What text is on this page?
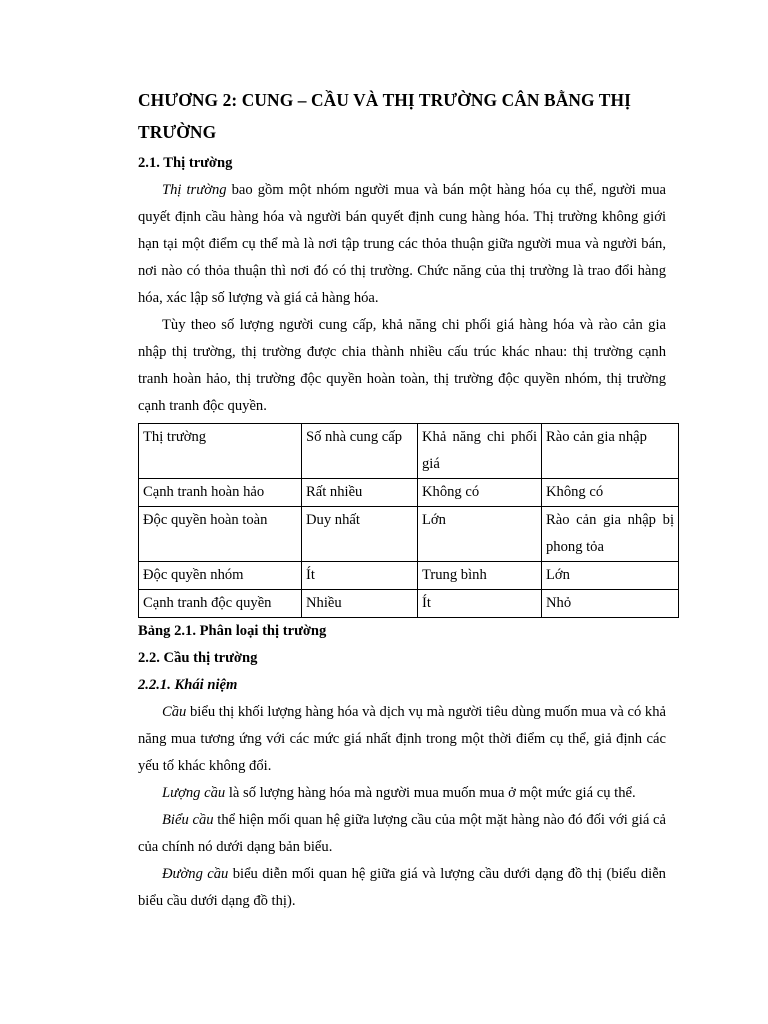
CHƯƠNG 2: CUNG – CẦU VÀ THỊ TRƯỜNG CÂN BẰNG THỊ TRƯỜNG
2.1. Thị trường

Thị trường bao gồm một nhóm người mua và bán một hàng hóa cụ thể, người mua quyết định cầu hàng hóa và người bán quyết định cung hàng hóa. Thị trường không giới hạn tại một điểm cụ thể mà là nơi tập trung các thỏa thuận giữa người mua và người bán, nơi nào có thỏa thuận thì nơi đó có thị trường. Chức năng của thị trường là trao đổi hàng hóa, xác lập số lượng và giá cả hàng hóa.

Tùy theo số lượng người cung cấp, khả năng chi phối giá hàng hóa và rào cản gia nhập thị trường, thị trường được chia thành nhiều cấu trúc khác nhau: thị trường cạnh tranh hoàn hảo, thị trường độc quyền hoàn toàn, thị trường độc quyền nhóm, thị trường cạnh tranh độc quyền.

Thị trường	Số nhà cung cấp	Khả năng chi phối giá	Rào cản gia nhập
Cạnh tranh hoàn hảo	Rất nhiều	Không có	Không có
Độc quyền hoàn toàn	Duy nhất	Lớn	Rào cản gia nhập bị phong tỏa
Độc quyền nhóm	Ít	Trung bình	Lớn
Cạnh tranh độc quyền	Nhiều	Ít	Nhỏ
Bảng 2.1. Phân loại thị trường
2.2. Cầu thị trường
2.2.1. Khái niệm

Cầu biểu thị khối lượng hàng hóa và dịch vụ mà người tiêu dùng muốn mua và có khả năng mua tương ứng với các mức giá nhất định trong một thời điểm cụ thể, giả định các yếu tố khác không đổi.

Lượng cầu là số lượng hàng hóa mà người mua muốn mua ở một mức giá cụ thể.

Biểu cầu thể hiện mối quan hệ giữa lượng cầu của một mặt hàng nào đó đối với giá cả của chính nó dưới dạng bản biểu.

Đường cầu biểu diễn mối quan hệ giữa giá và lượng cầu dưới dạng đồ thị (biểu diễn biểu cầu dưới dạng đồ thị).
